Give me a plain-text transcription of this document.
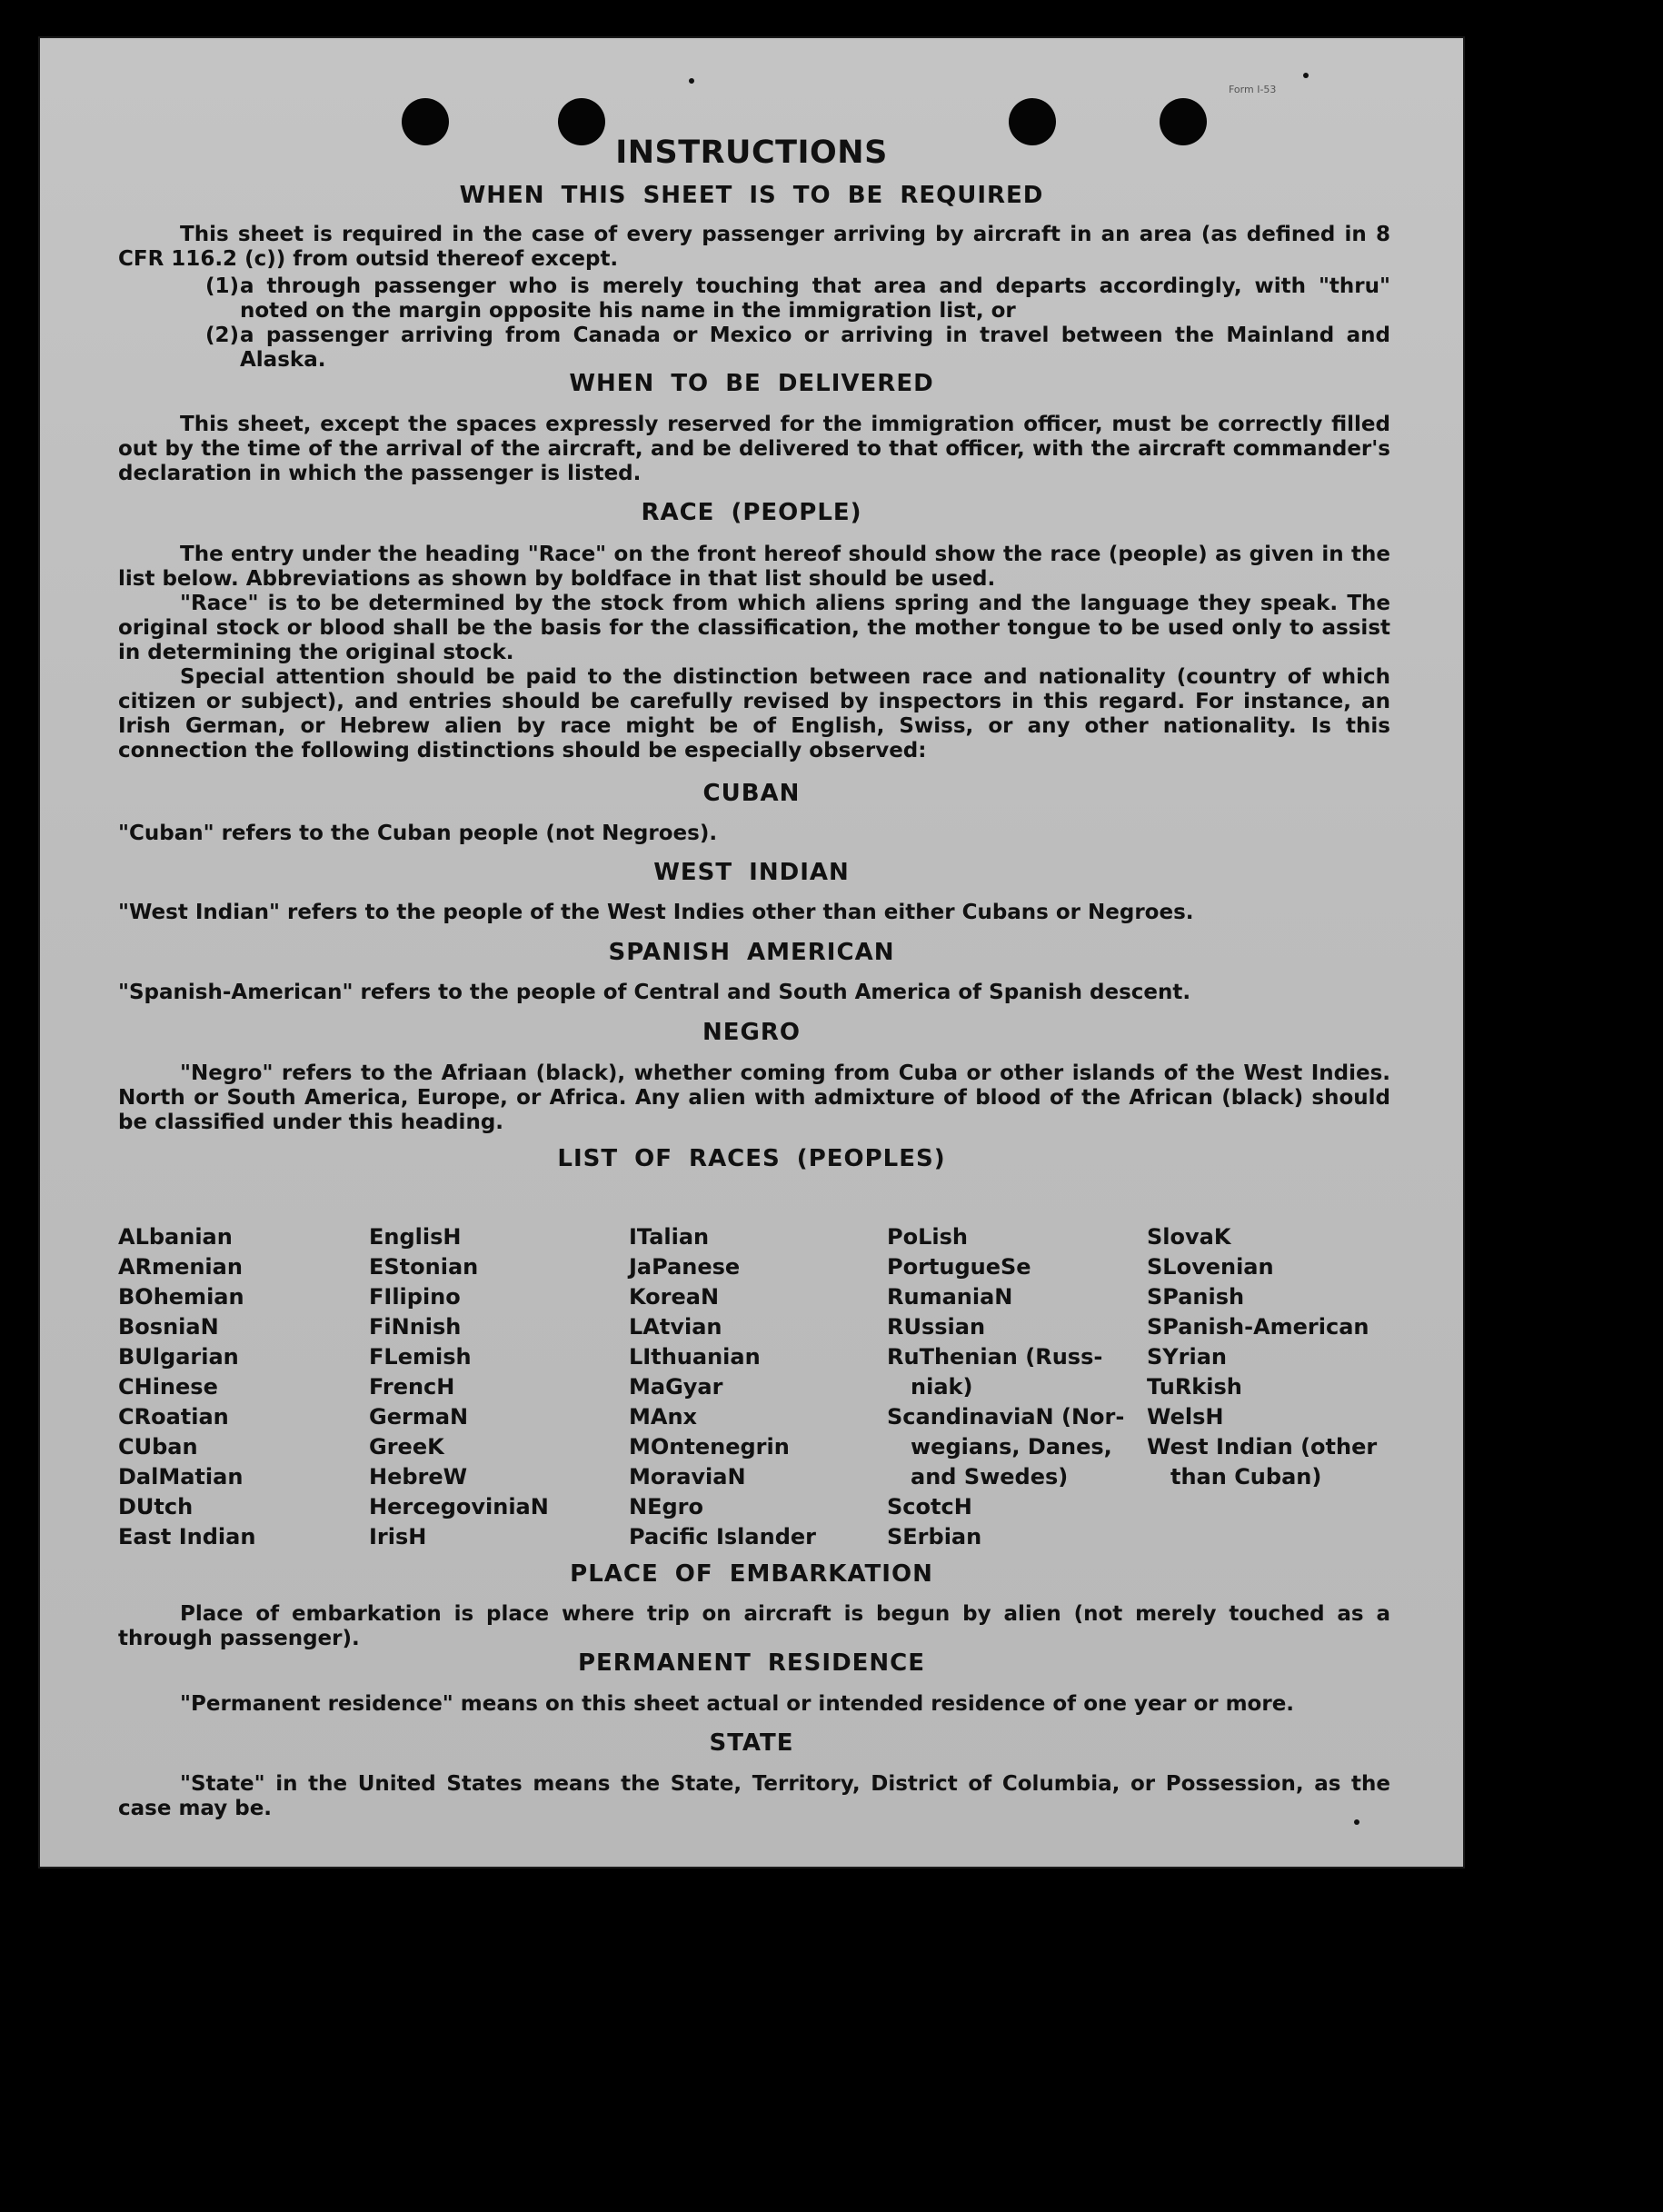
Form I-53
INSTRUCTIONS
WHEN THIS SHEET IS TO BE REQUIRED
This sheet is required in the case of every passenger arriving by aircraft in an area (as defined in 8 CFR 116.2 (c)) from outsid thereof except.
(1) a through passenger who is merely touching that area and departs accordingly, with "thru" noted on the margin opposite his name in the immigration list, or
(2) a passenger arriving from Canada or Mexico or arriving in travel between the Mainland and Alaska.
WHEN TO BE DELIVERED
This sheet, except the spaces expressly reserved for the immigration officer, must be correctly filled out by the time of the arrival of the aircraft, and be delivered to that officer, with the aircraft commander's declaration in which the passenger is listed.
RACE (PEOPLE)
The entry under the heading "Race" on the front hereof should show the race (people) as given in the list below. Abbreviations as shown by boldface in that list should be used.
"Race" is to be determined by the stock from which aliens spring and the language they speak. The original stock or blood shall be the basis for the classification, the mother tongue to be used only to assist in determining the original stock.
Special attention should be paid to the distinction between race and nationality (country of which citizen or subject), and entries should be carefully revised by inspectors in this regard. For instance, an Irish German, or Hebrew alien by race might be of English, Swiss, or any other nationality. Is this connection the following distinctions should be especially observed:
CUBAN
"Cuban" refers to the Cuban people (not Negroes).
WEST INDIAN
"West Indian" refers to the people of the West Indies other than either Cubans or Negroes.
SPANISH AMERICAN
"Spanish-American" refers to the people of Central and South America of Spanish descent.
NEGRO
"Negro" refers to the Afriaan (black), whether coming from Cuba or other islands of the West Indies. North or South America, Europe, or Africa. Any alien with admixture of blood of the African (black) should be classified under this heading.
LIST OF RACES (PEOPLES)
ALbanian
ARmenian
BOhemian
BosniaN
BUlgarian
CHinese
CRoatian
CUban
DalMatian
DUtch
East Indian
EnglisH
EStonian
FIlipino
FiNnish
FLemish
FrencH
GermaN
GreeK
HebreW
HercegoviniaN
IrisH
ITalian
JaPanese
KoreaN
LAtvian
LIthuanian
MaGyar
MAnx
MOntenegrin
MoraviaN
NEgro
Pacific Islander
PoLish
PortugueSe
RumaniaN
RUssian
RuThenian (Russ-
niak)
ScandinaviaN (Nor-
wegians, Danes,
and Swedes)
ScotcH
SErbian
SlovaK
SLovenian
SPanish
SPanish-American
SYrian
TuRkish
WelsH
West Indian (other
than Cuban)
PLACE OF EMBARKATION
Place of embarkation is place where trip on aircraft is begun by alien (not merely touched as a through passenger).
PERMANENT RESIDENCE
"Permanent residence" means on this sheet actual or intended residence of one year or more.
STATE
"State" in the United States means the State, Territory, District of Columbia, or Possession, as the case may be.
